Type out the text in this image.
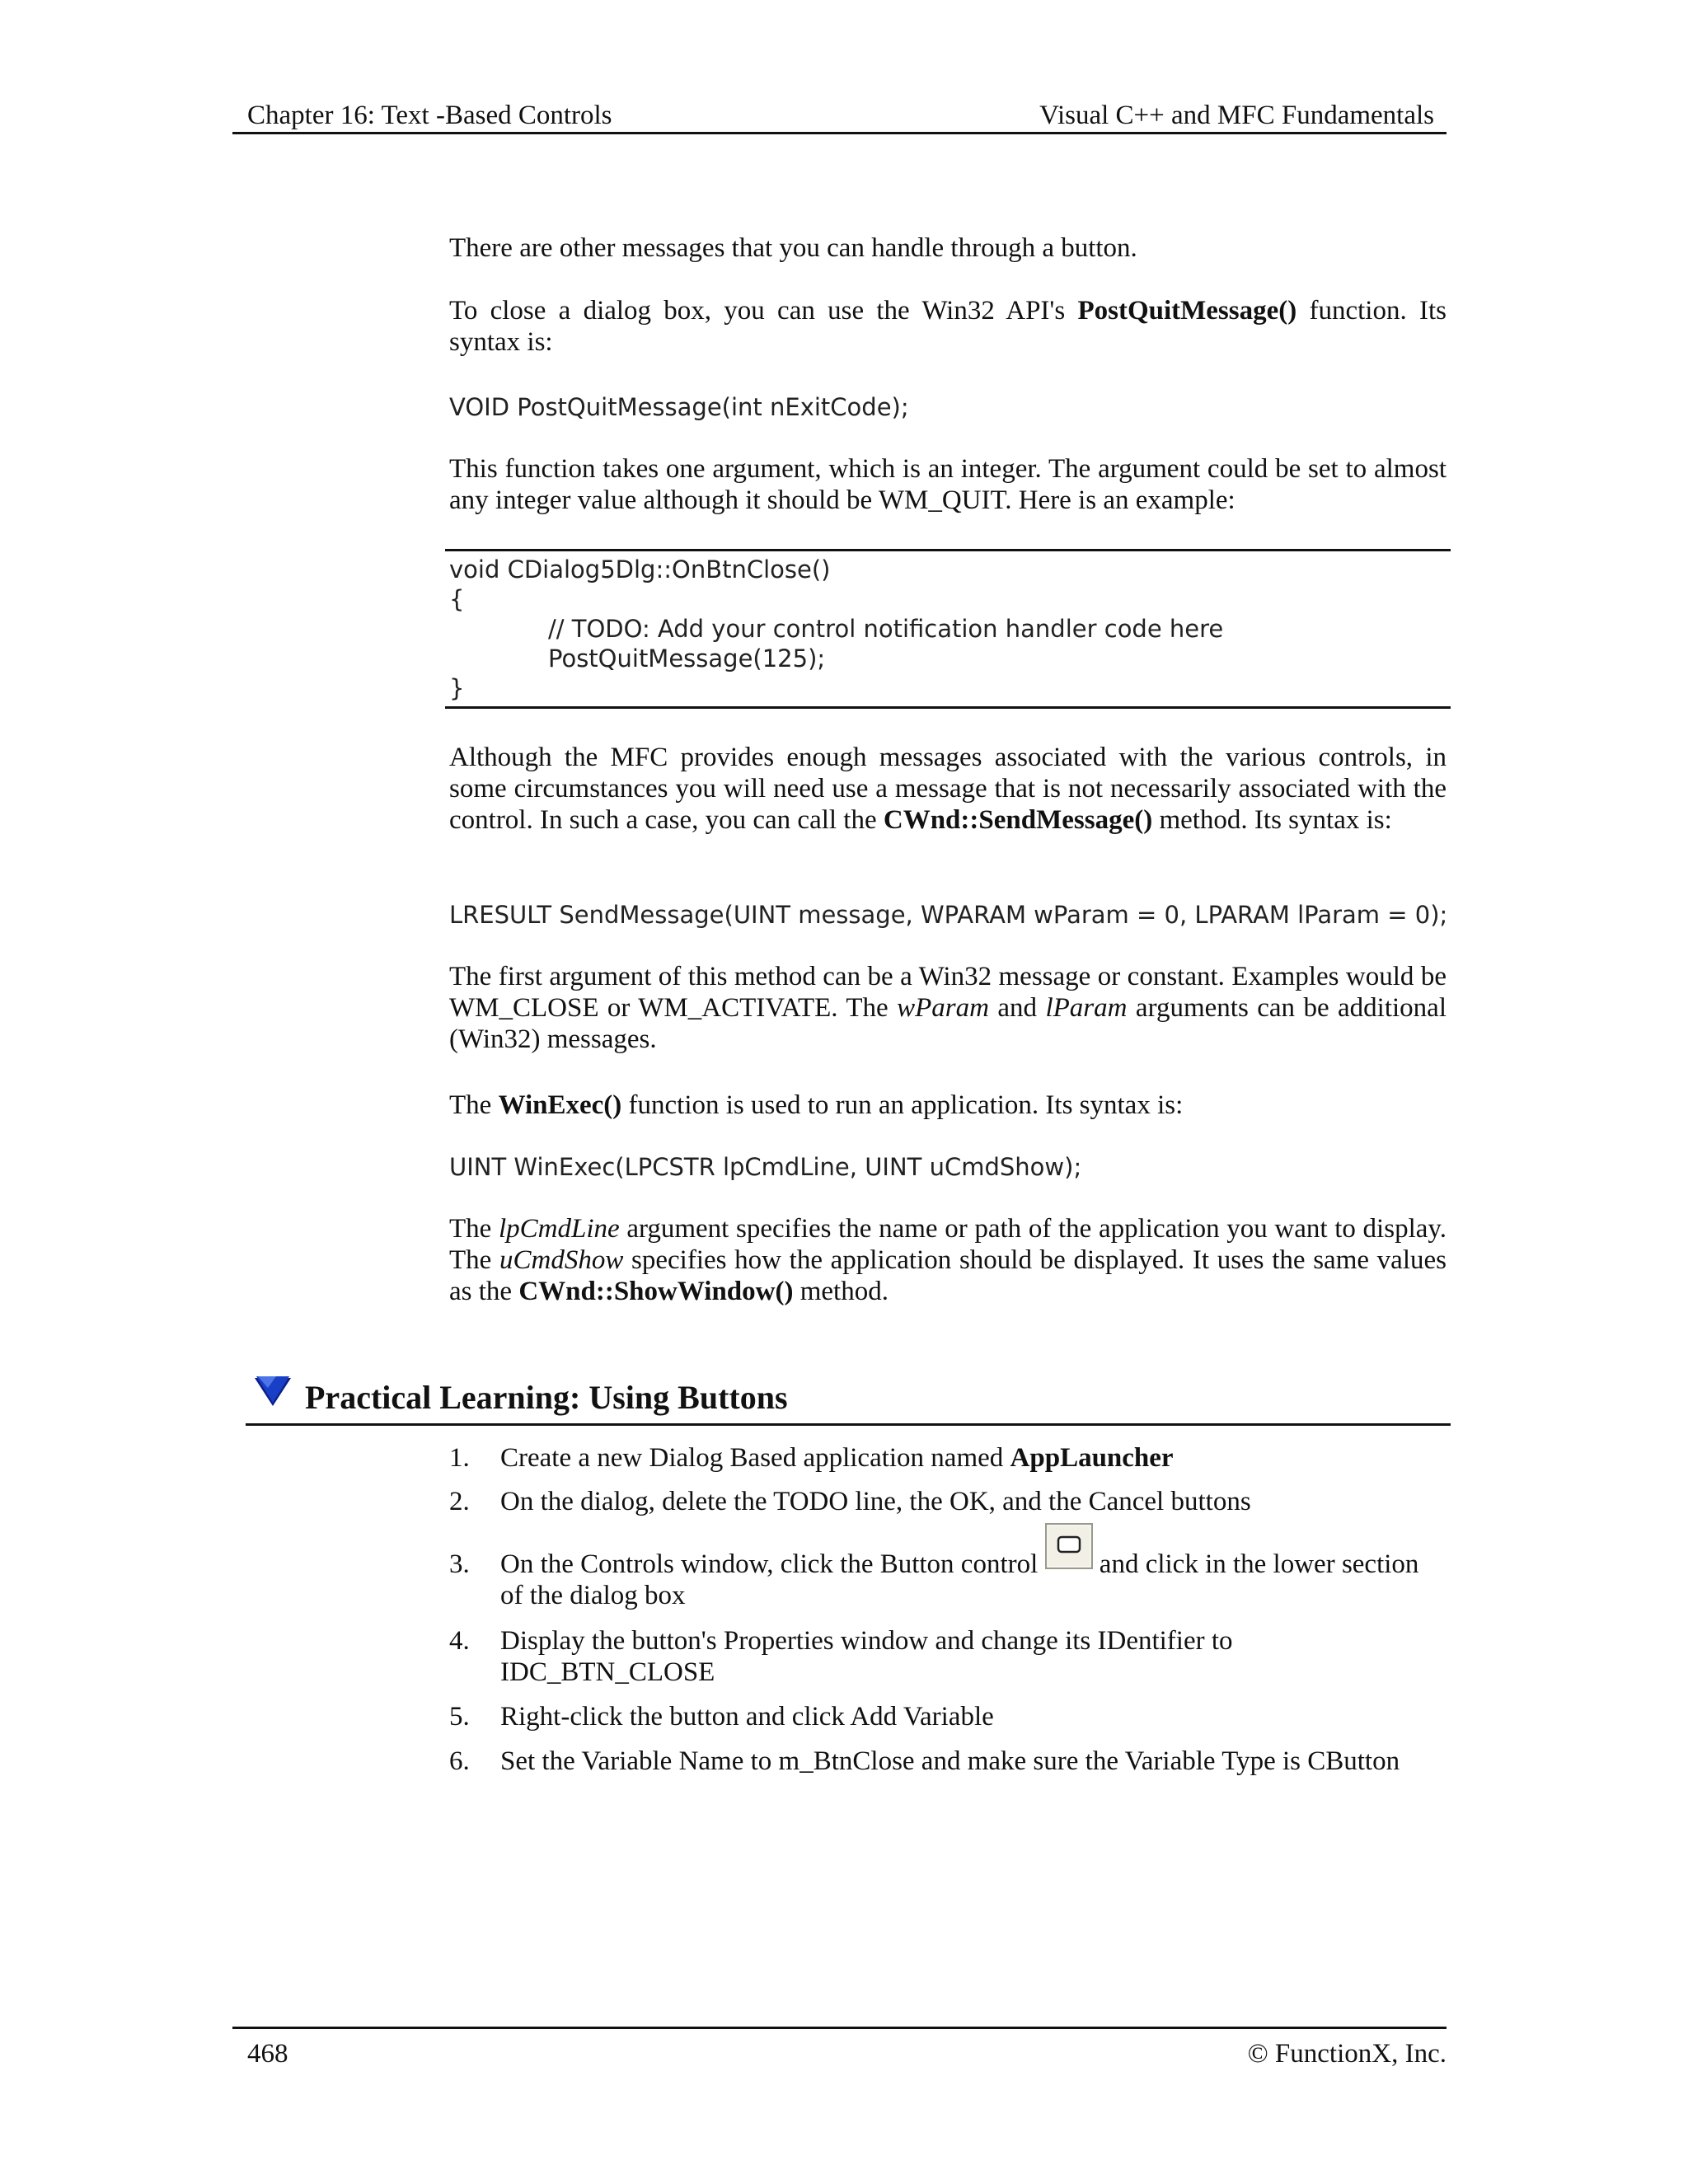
Chapter 16: Text -Based Controls	Visual C++ and MFC Fundamentals
There are other messages that you can handle through a button.
To close a dialog box, you can use the Win32 API's PostQuitMessage() function. Its syntax is:
VOID PostQuitMessage(int nExitCode);
This function takes one argument, which is an integer. The argument could be set to almost any integer value although it should be WM_QUIT. Here is an example:
void CDialog5Dlg::OnBtnClose()
{
// TODO: Add your control notification handler code here
PostQuitMessage(125);
}
Although the MFC provides enough messages associated with the various controls, in some circumstances you will need use a message that is not necessarily associated with the control. In such a case, you can call the CWnd::SendMessage() method. Its syntax is:
LRESULT SendMessage(UINT message, WPARAM wParam = 0, LPARAM lParam = 0);
The first argument of this method can be a Win32 message or constant. Examples would be WM_CLOSE or WM_ACTIVATE. The wParam and lParam arguments can be additional (Win32) messages.
The WinExec() function is used to run an application. Its syntax is:
UINT WinExec(LPCSTR lpCmdLine, UINT uCmdShow);
The lpCmdLine argument specifies the name or path of the application you want to display. The uCmdShow specifies how the application should be displayed. It uses the same values as the CWnd::ShowWindow() method.
Practical Learning: Using Buttons
1.	Create a new Dialog Based application named AppLauncher
2.	On the dialog, delete the TODO line, the OK, and the Cancel buttons
3.	On the Controls window, click the Button control  and click in the lower section of the dialog box
4.	Display the button's Properties window and change its IDentifier to IDC_BTN_CLOSE
5.	Right-click the button and click Add Variable
6.	Set the Variable Name to m_BtnClose and make sure the Variable Type is CButton
468	© FunctionX, Inc.
